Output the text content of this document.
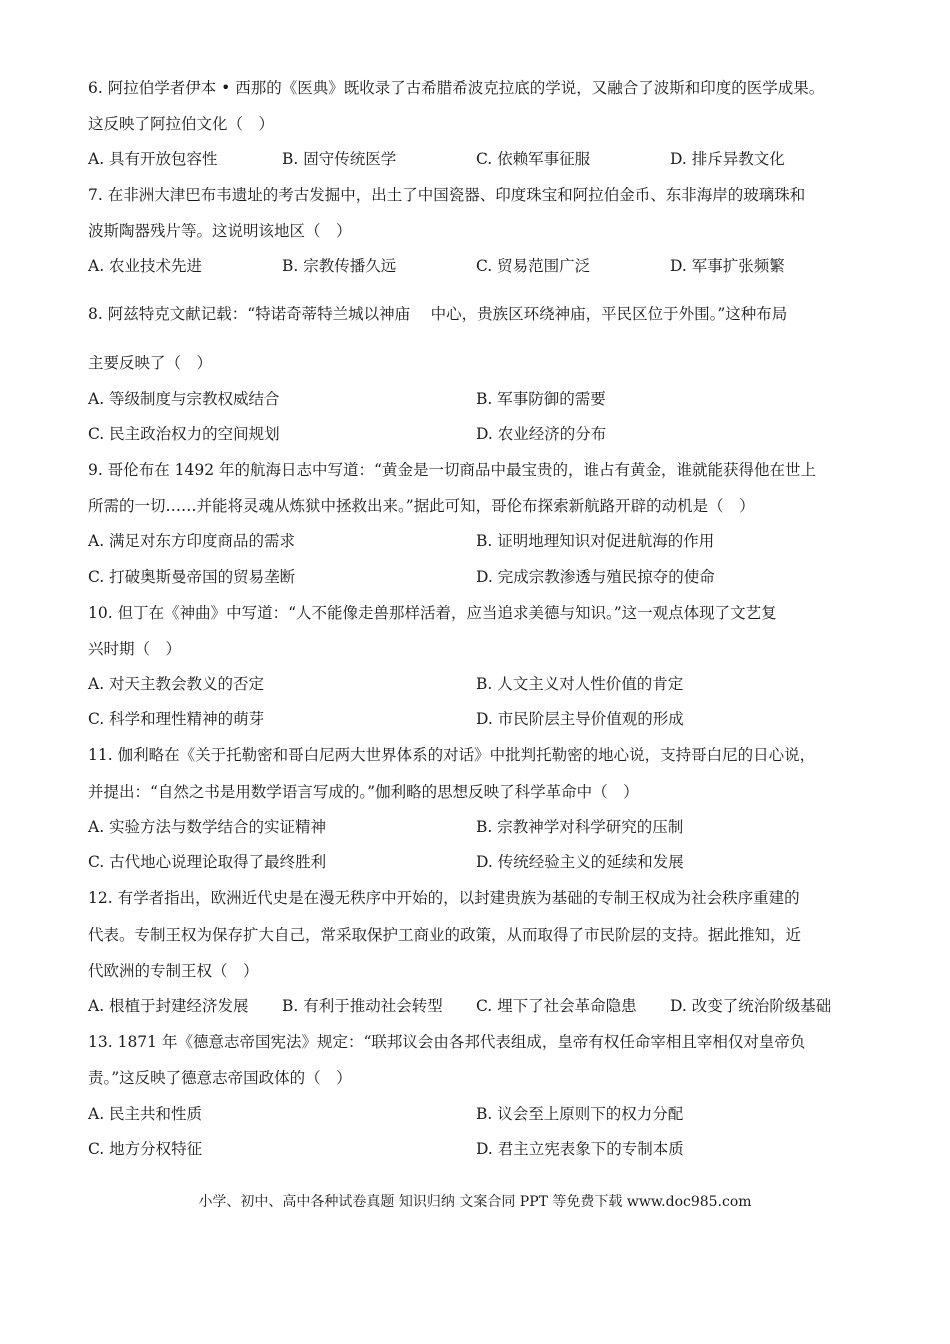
6. 阿拉伯学者伊本 • 西那的《医典》既收录了古希腊希波克拉底的学说，又融合了波斯和印度的医学成果。
这反映了阿拉伯文化（　）
A. 具有开放包容性	B. 固守传统医学	C. 依赖军事征服	D. 排斥异教文化
7. 在非洲大津巴布韦遗址的考古发掘中，出土了中国瓷器、印度珠宝和阿拉伯金币、东非海岸的玻璃珠和
波斯陶器残片等。这说明该地区（　）
A. 农业技术先进	B. 宗教传播久远	C. 贸易范围广泛	D. 军事扩张频繁
8. 阿兹特克文献记载：“特诺奇蒂特兰城以神庙　 中心，贵族区环绕神庙，平民区位于外围。”这种布局
主要反映了（　）
A. 等级制度与宗教权威结合	B. 军事防御的需要
C. 民主政治权力的空间规划	D. 农业经济的分布
9. 哥伦布在 1492 年的航海日志中写道：“黄金是一切商品中最宝贵的，谁占有黄金，谁就能获得他在世上
所需的一切……并能将灵魂从炼狱中拯救出来。”据此可知，哥伦布探索新航路开辟的动机是（　）
A. 满足对东方印度商品的需求	B. 证明地理知识对促进航海的作用
C. 打破奥斯曼帝国的贸易垄断	D. 完成宗教渗透与殖民掠夺的使命
10. 但丁在《神曲》中写道：“人不能像走兽那样活着，应当追求美德与知识。”这一观点体现了文艺复
兴时期（　）
A. 对天主教会教义的否定	B. 人文主义对人性价值的肯定
C. 科学和理性精神的萌芽	D. 市民阶层主导价值观的形成
11. 伽利略在《关于托勒密和哥白尼两大世界体系的对话》中批判托勒密的地心说，支持哥白尼的日心说，
并提出：“自然之书是用数学语言写成的。”伽利略的思想反映了科学革命中（　）
A. 实验方法与数学结合的实证精神	B. 宗教神学对科学研究的压制
C. 古代地心说理论取得了最终胜利	D. 传统经验主义的延续和发展
12. 有学者指出，欧洲近代史是在漫无秩序中开始的，以封建贵族为基础的专制王权成为社会秩序重建的
代表。专制王权为保存扩大自己，常采取保护工商业的政策，从而取得了市民阶层的支持。据此推知，近
代欧洲的专制王权（　）
A. 根植于封建经济发展 B. 有利于推动社会转型 C. 埋下了社会革命隐患 D. 改变了统治阶级基础
13. 1871 年《德意志帝国宪法》规定：“联邦议会由各邦代表组成，皇帝有权任命宰相且宰相仅对皇帝负
责。”这反映了德意志帝国政体的（　）
A. 民主共和性质	B. 议会至上原则下的权力分配
C. 地方分权特征	D. 君主立宪表象下的专制本质
小学、初中、高中各种试卷真题 知识归纳 文案合同 PPT 等免费下载 www.doc985.com
